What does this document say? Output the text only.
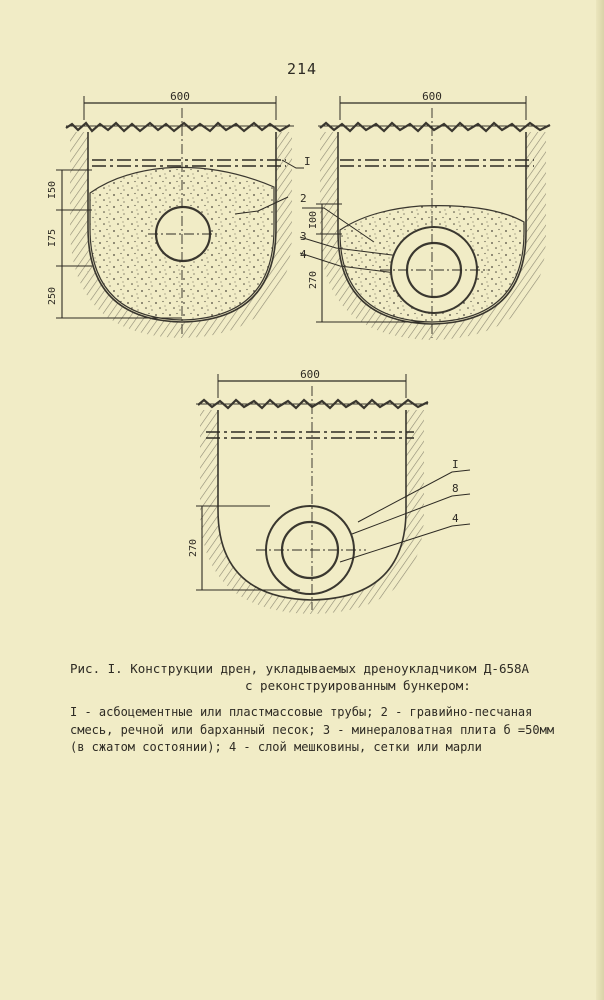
214
600
I50
I75
250
600
I00
270
I
2
3
4
600
270
I
8
4
Рис. I. Конструкции дрен, укладываемых дреноукладчиком Д-658А
с реконструированным бункером:
I - асбоцементные или пластмассовые трубы; 2 - гравийно-песчаная смесь, речной или барханный песок; 3 - минераловатная плита б =50мм (в сжатом состоянии); 4 - слой мешковины, сетки или марли
